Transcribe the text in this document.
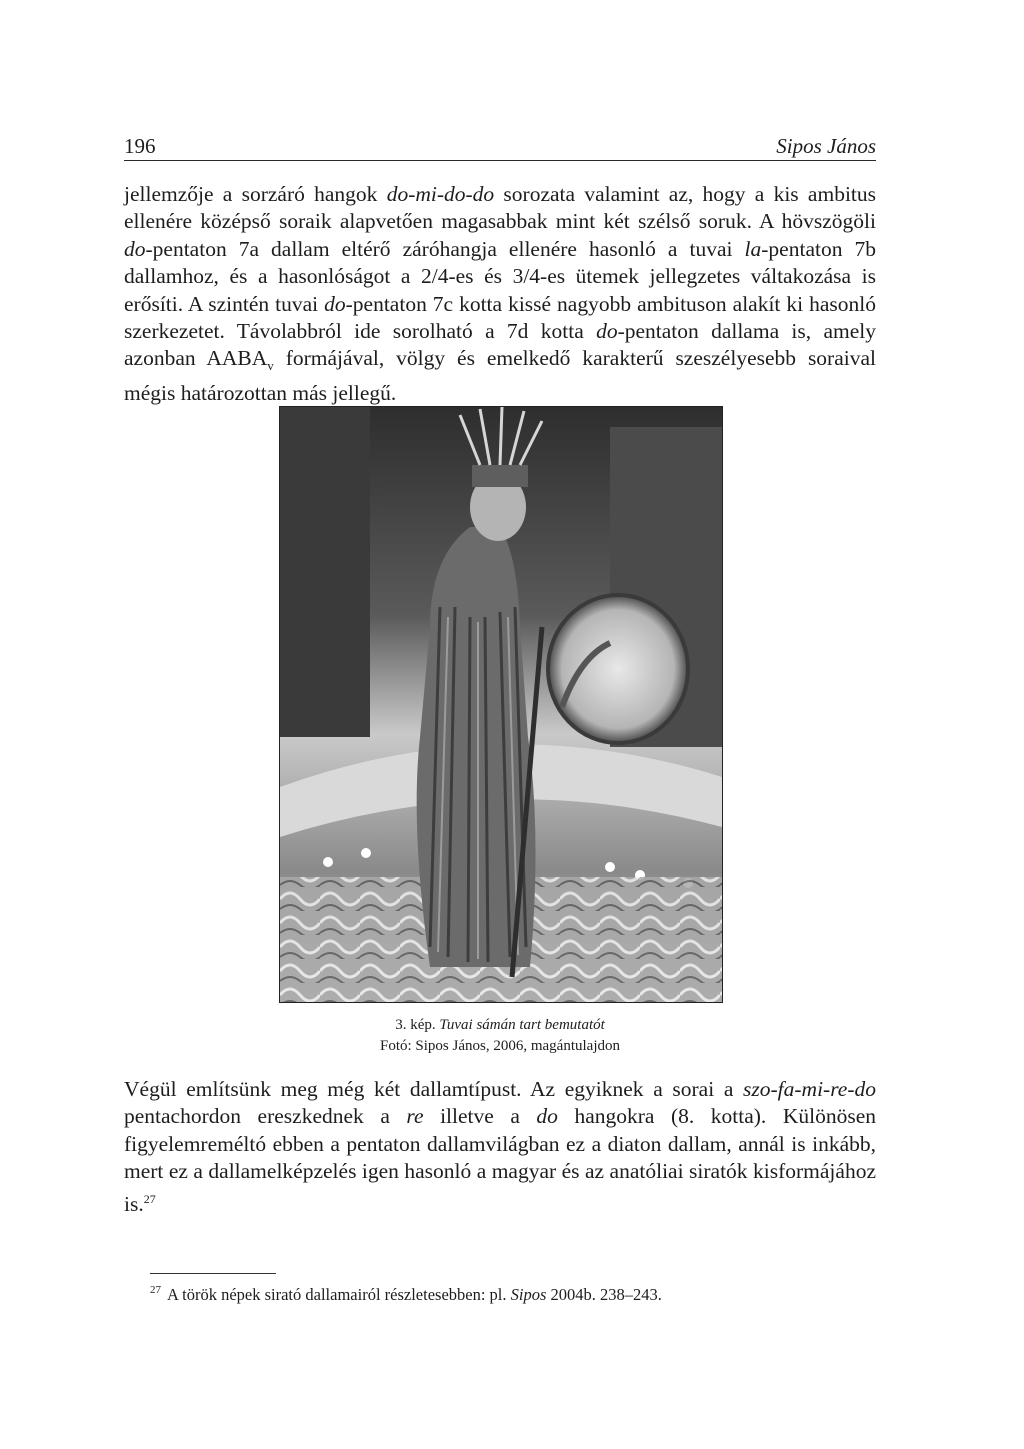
196	Sipos János

jellemzője a sorzáró hangok do-mi-do-do sorozata valamint az, hogy a kis ambitus ellenére középső soraik alapvetően magasabbak mint két szélső soruk. A hövszögöli do-pentaton 7a dallam eltérő záróhangja ellenére hasonló a tuvai la-pentaton 7b dallamhoz, és a hasonlóságot a 2/4-es és 3/4-es ütemek jellegzetes váltakozása is erősíti. A szintén tuvai do-pentaton 7c kotta kissé nagyobb ambituson alakít ki hasonló szerkezetet. Távolabbról ide sorolható a 7d kotta do-pentaton dallama is, amely azonban $AABA_v$ formájával, völgy és emelkedő karakterű szeszélyesebb soraival mégis határozottan más jellegű.

3. kép. Tuvai sámán tart bemutatót
Fotó: Sipos János, 2006, magántulajdon

Végül említsünk meg még két dallamtípust. Az egyiknek a sorai a szo-fa-mi-re-do pentachordon ereszkednek a re illetve a do hangokra (8. kotta). Különösen figyelemreméltó ebben a pentaton dallamvilágban ez a diaton dallam, annál is inkább, mert ez a dallamelképzelés igen hasonló a magyar és az anatóliai siratók kisformájához is.$^{27}$

$^{27}$ A török népek sirató dallamairól részletesebben: pl. Sipos 2004b. 238–243.
